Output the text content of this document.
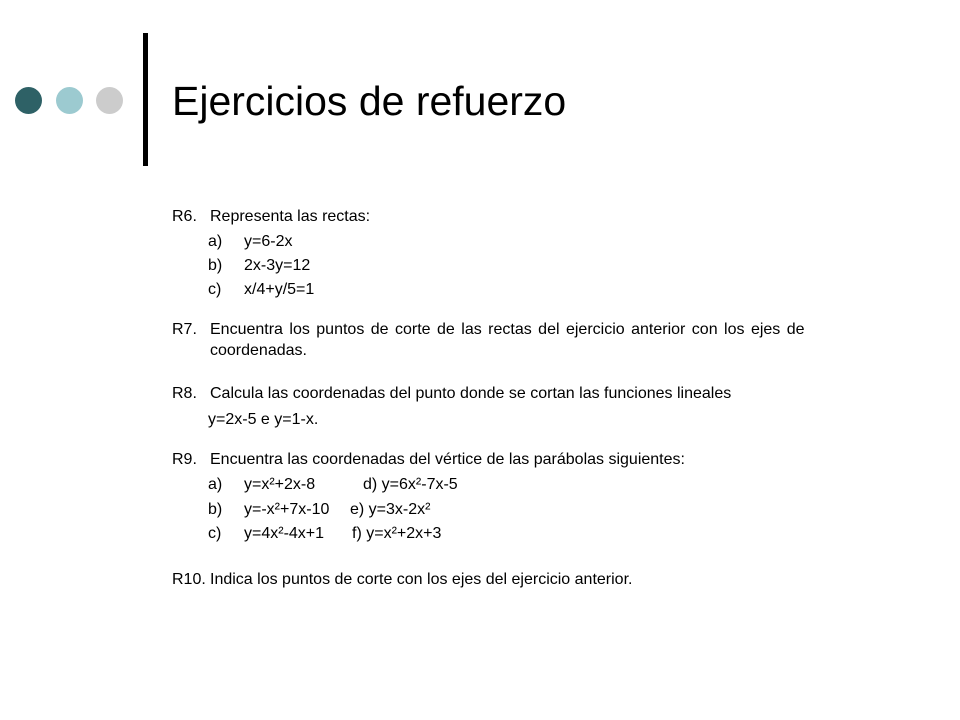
Ejercicios de refuerzo
R6. Representa las rectas:
a) y=6-2x
b) 2x-3y=12
c) x/4+y/5=1
R7. Encuentra los puntos de corte de las rectas del ejercicio anterior con los ejes de
coordenadas.
R8. Calcula las coordenadas del punto donde se cortan las funciones lineales
y=2x-5 e y=1-x.
R9. Encuentra las coordenadas del vértice de las parábolas siguientes:
a) y=x²+2x-8	d) y=6x²-7x-5
b) y=-x²+7x-10 e) y=3x-2x²
c) y=4x²-4x+1 f) y=x²+2x+3
R10. Indica los puntos de corte con los ejes del ejercicio anterior.
